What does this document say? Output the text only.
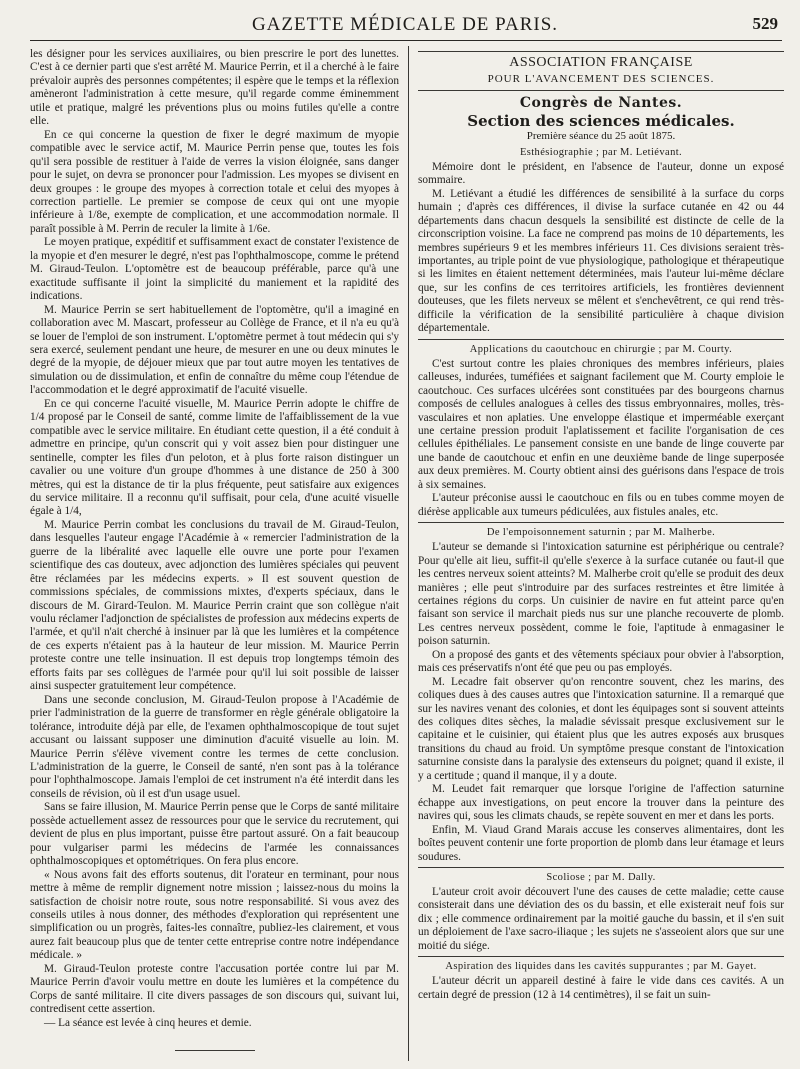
GAZETTE MÉDICALE DE PARIS.	529

les désigner pour les services auxiliaires, ou bien prescrire le port des lunettes. C'est à ce dernier parti que s'est arrêté M. Maurice Perrin, et il a cherché à le faire prévaloir auprès des personnes compétentes; il espère que le temps et la réflexion amèneront l'administration à cette mesure, qu'il regarde comme éminemment utile et pratique, malgré les préventions plus ou moins futiles qu'elle a contre elle.

En ce qui concerne la question de fixer le degré maximum de myopie compatible avec le service actif, M. Maurice Perrin pense que, toutes les fois qu'il sera possible de restituer à l'aide de verres la vision éloignée, sans danger pour le sujet, on devra se prononcer pour l'admission. Les myopes se divisent en deux groupes : le groupe des myopes à correction totale et celui des myopes à correction partielle. Le premier se compose de ceux qui ont une myopie inférieure à 1/8e, exempte de complication, et une accommodation normale. Il paraît possible à M. Perrin de reculer la limite à 1/6e.

Le moyen pratique, expéditif et suffisamment exact de constater l'existence de la myopie et d'en mesurer le degré, n'est pas l'ophthalmoscope, comme le prétend M. Giraud-Teulon. L'optomètre est de beaucoup préférable, parce qu'à une exactitude suffisante il joint la simplicité du maniement et la rapidité des indications.

M. Maurice Perrin se sert habituellement de l'optomètre, qu'il a imaginé en collaboration avec M. Mascart, professeur au Collège de France, et il n'a eu qu'à se louer de l'emploi de son instrument. L'optomètre permet à tout médecin qui s'y sera exercé, seulement pendant une heure, de mesurer en une ou deux minutes le degré de la myopie, de déjouer mieux que par tout autre moyen les tentatives de simulation ou de dissimulation, et enfin de connaître du même coup l'étendue de l'accommodation et le degré approximatif de l'acuité visuelle.

En ce qui concerne l'acuité visuelle, M. Maurice Perrin adopte le chiffre de 1/4 proposé par le Conseil de santé, comme limite de l'affaiblissement de la vue compatible avec le service militaire. En étudiant cette question, il a été conduit à admettre en principe, qu'un conscrit qui y voit assez bien pour distinguer une sentinelle, compter les files d'un peloton, et à plus forte raison distinguer un cavalier ou une voiture d'un groupe d'hommes à une distance de 250 à 300 mètres, qui est la distance de tir la plus fréquente, peut satisfaire aux exigences du service militaire. Il a reconnu qu'il suffisait, pour cela, d'une acuité visuelle égale à 1/4,

M. Maurice Perrin combat les conclusions du travail de M. Giraud-Teulon, dans lesquelles l'auteur engage l'Académie à « remercier l'administration de la guerre de la libéralité avec laquelle elle ouvre une porte pour l'examen scientifique des cas douteux, avec adjonction des lumières spéciales qui peuvent être réclamées par les médecins experts. » Il est souvent question de commissions spéciales, de commissions mixtes, d'experts spéciaux, dans le discours de M. Girard-Teulon. M. Maurice Perrin craint que son collègue n'ait voulu réclamer l'adjonction de spécialistes de profession aux médecins experts de l'armée, et qu'il n'ait cherché à insinuer par là que les lumières et la compétence de ces experts n'étaient pas à la hauteur de leur mission. M. Maurice Perrin proteste contre une telle insinuation. Il est depuis trop longtemps témoin des efforts faits par ses collègues de l'armée pour qu'il lui soit possible de laisser ainsi suspecter gratuitement leur compétence.

Dans une seconde conclusion, M. Giraud-Teulon propose à l'Académie de prier l'administration de la guerre de transformer en règle générale obligatoire la tolérance, introduite déjà par elle, de l'examen ophthalmoscopique de tout sujet accusant ou laissant supposer une diminution d'acuité visuelle au loin. M. Maurice Perrin s'élève vivement contre les termes de cette conclusion. L'administration de la guerre, le Conseil de santé, n'en sont pas à la tolérance pour l'ophthalmoscope. Jamais l'emploi de cet instrument n'a été interdit dans les conseils de révision, où il est d'un usage usuel.

Sans se faire illusion, M. Maurice Perrin pense que le Corps de santé militaire possède actuellement assez de ressources pour que le service du recrutement, qui devient de plus en plus important, puisse être partout assuré. On a fait beaucoup pour vulgariser parmi les médecins de l'armée les connaissances ophthalmoscopiques et optométriques. On fera plus encore.

« Nous avons fait des efforts soutenus, dit l'orateur en terminant, pour nous mettre à même de remplir dignement notre mission ; laissez-nous du moins la satisfaction de choisir notre route, sous notre responsabilité. Si vous avez des conseils utiles à nous donner, des méthodes d'exploration qui représentent une simplification ou un progrès, faites-les connaître, publiez-les clairement, et vous aurez fait beaucoup plus que de tenter cette entreprise contre notre indépendance médicale. »

M. Giraud-Teulon proteste contre l'accusation portée contre lui par M. Maurice Perrin d'avoir voulu mettre en doute les lumières et la compétence du Corps de santé militaire. Il cite divers passages de son discours qui, suivant lui, contredisent cette assertion.

— La séance est levée à cinq heures et demie.

ASSOCIATION FRANÇAISE

POUR L'AVANCEMENT DES SCIENCES.

Congrès de Nantes.

Section des sciences médicales.

Première séance du 25 août 1875.

Esthésiographie ; par M. Letiévant.

Mémoire dont le président, en l'absence de l'auteur, donne un exposé sommaire.

M. Letiévant a étudié les différences de sensibilité à la surface du corps humain ; d'après ces différences, il divise la surface cutanée en 42 ou 44 départements dans chacun desquels la sensibilité est distincte de celle de la circonscription voisine. La face ne comprend pas moins de 10 départements, les membres supérieurs 9 et les membres inférieurs 11. Ces divisions seraient très-importantes, au triple point de vue physiologique, pathologique et thérapeutique si les limites en étaient nettement déterminées, mais l'auteur lui-même déclare que, sur les confins de ces territoires artificiels, les frontières deviennent douteuses, que les filets nerveux se mêlent et s'enchevêtrent, ce qui rend très-difficile la vérification de la sensibilité particulière à chaque division départementale.

Applications du caoutchouc en chirurgie ; par M. Courty.

C'est surtout contre les plaies chroniques des membres inférieurs, plaies calleuses, indurées, tuméfiées et saignant facilement que M. Courty emploie le caoutchouc. Ces surfaces ulcérées sont constituées par des bourgeons charnus composés de cellules analogues à celles des tissus embryonnaires, molles, très-vasculaires et non aplaties. Une enveloppe élastique et imperméable exerçant une certaine pression produit l'aplatissement et facilite l'organisation de ces cellules épithéliales. Le pansement consiste en une bande de linge couverte par une bande de caoutchouc et enfin en une deuxième bande de linge superposée aux deux premières. M. Courty obtient ainsi des guérisons dans l'espace de trois à six semaines.

L'auteur préconise aussi le caoutchouc en fils ou en tubes comme moyen de diérèse applicable aux tumeurs pédiculées, aux fistules anales, etc.

De l'empoisonnement saturnin ; par M. Malherbe.

L'auteur se demande si l'intoxication saturnine est périphérique ou centrale? Pour qu'elle ait lieu, suffit-il qu'elle s'exerce à la surface cutanée ou faut-il que les centres nerveux soient atteints? M. Malherbe croit qu'elle se produit des deux manières ; elle peut s'introduire par des surfaces restreintes et être limitée à certaines régions du corps. Un cuisinier de navire en fut atteint parce qu'en faisant son service il marchait pieds nus sur une planche recouverte de plomb. Les centres nerveux possèdent, comme le foie, l'aptitude à enmagasiner le poison saturnin.

On a proposé des gants et des vêtements spéciaux pour obvier à l'absorption, mais ces préservatifs n'ont été que peu ou pas employés.

M. Lecadre fait observer qu'on rencontre souvent, chez les marins, des coliques dues à des causes autres que l'intoxication saturnine. Il a remarqué que sur les navires venant des colonies, et dont les équipages sont si souvent atteints des coliques dites sèches, la maladie sévissait presque exclusivement sur le capitaine et le cuisinier, qui étaient plus que les autres exposés aux brusques transitions du chaud au froid. Un symptôme presque constant de l'intoxication saturnine consiste dans la paralysie des extenseurs du poignet; quand il existe, il y a certitude ; quand il manque, il y a doute.

M. Leudet fait remarquer que lorsque l'origine de l'affection saturnine échappe aux investigations, on peut encore la trouver dans la peinture des navires qui, sous les climats chauds, se repète souvent en mer et dans les ports.

Enfin, M. Viaud Grand Marais accuse les conserves alimentaires, dont les boîtes peuvent contenir une forte proportion de plomb dans leur étamage et leurs soudures.

Scoliose ; par M. Dally.

L'auteur croit avoir découvert l'une des causes de cette maladie; cette cause consisterait dans une déviation des os du bassin, et elle existerait neuf fois sur dix ; elle commence ordinairement par la moitié gauche du bassin, et il s'en suit un déploiement de l'axe sacro-iliaque ; les sujets ne s'asseoient alors que sur une moitié du siége.

Aspiration des liquides dans les cavités suppurantes ; par M. Gayet.

L'auteur décrit un appareil destiné à faire le vide dans ces cavités. A un certain degré de pression (12 à 14 centimètres), il se fait un suin-
